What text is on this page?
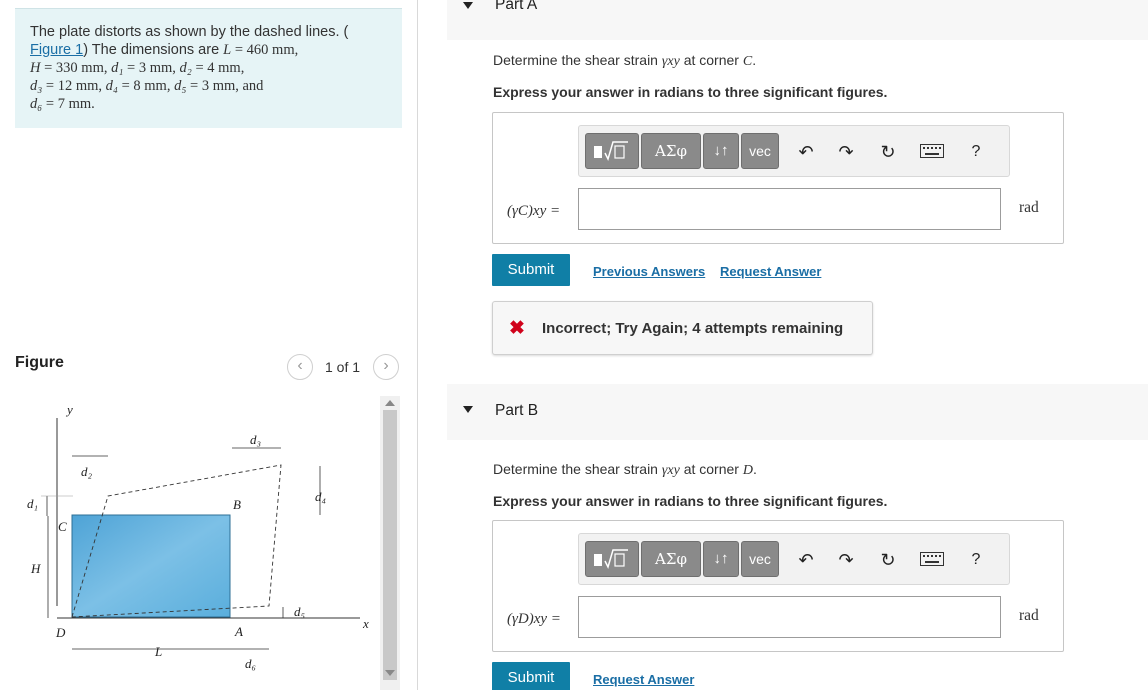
The plate distorts as shown by the dashed lines. (
Figure 1) The dimensions are L = 460 mm,
H = 330 mm, d₁ = 3 mm, d₂ = 4 mm,
d₃ = 12 mm, d₄ = 8 mm, d₅ = 3 mm, and
d₆ = 7 mm.
Figure	‹	1 of 1	›
y
x
C
B
D	A
H
L
d₁
d₂
d₃
d₄
d₅
d₆
Part A
Determine the shear strain γxy at corner C.
Express your answer in radians to three significant figures.
ΑΣφ	↓↑	vec	↶	↷	↻	?
(γC)xy =	rad
Submit	Previous Answers Request Answer
✖ Incorrect; Try Again; 4 attempts remaining
Part B
Determine the shear strain γxy at corner D.
Express your answer in radians to three significant figures.
ΑΣφ	↓↑	vec	↶	↷	↻	?
(γD)xy =	rad
Submit	Request Answer
